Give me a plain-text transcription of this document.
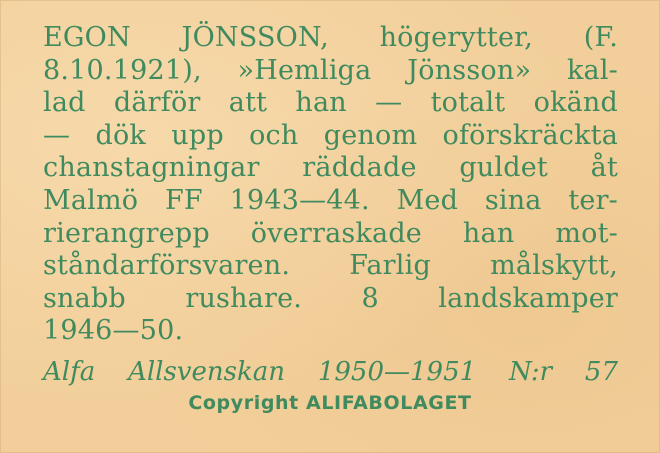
EGON JÖNSSON, högerytter, (F.
8.10.1921), »Hemliga Jönsson» kal-
lad därför att han — totalt okänd
— dök upp och genom oförskräckta
chanstagningar räddade guldet åt
Malmö FF 1943—44. Med sina ter-
rierangrepp överraskade han mot-
ståndarförsvaren. Farlig målskytt,
snabb rushare. 8 landskamper
1946—50.
Alfa Allsvenskan 1950—1951 N:r 57
Copyright ALIFABOLAGET
